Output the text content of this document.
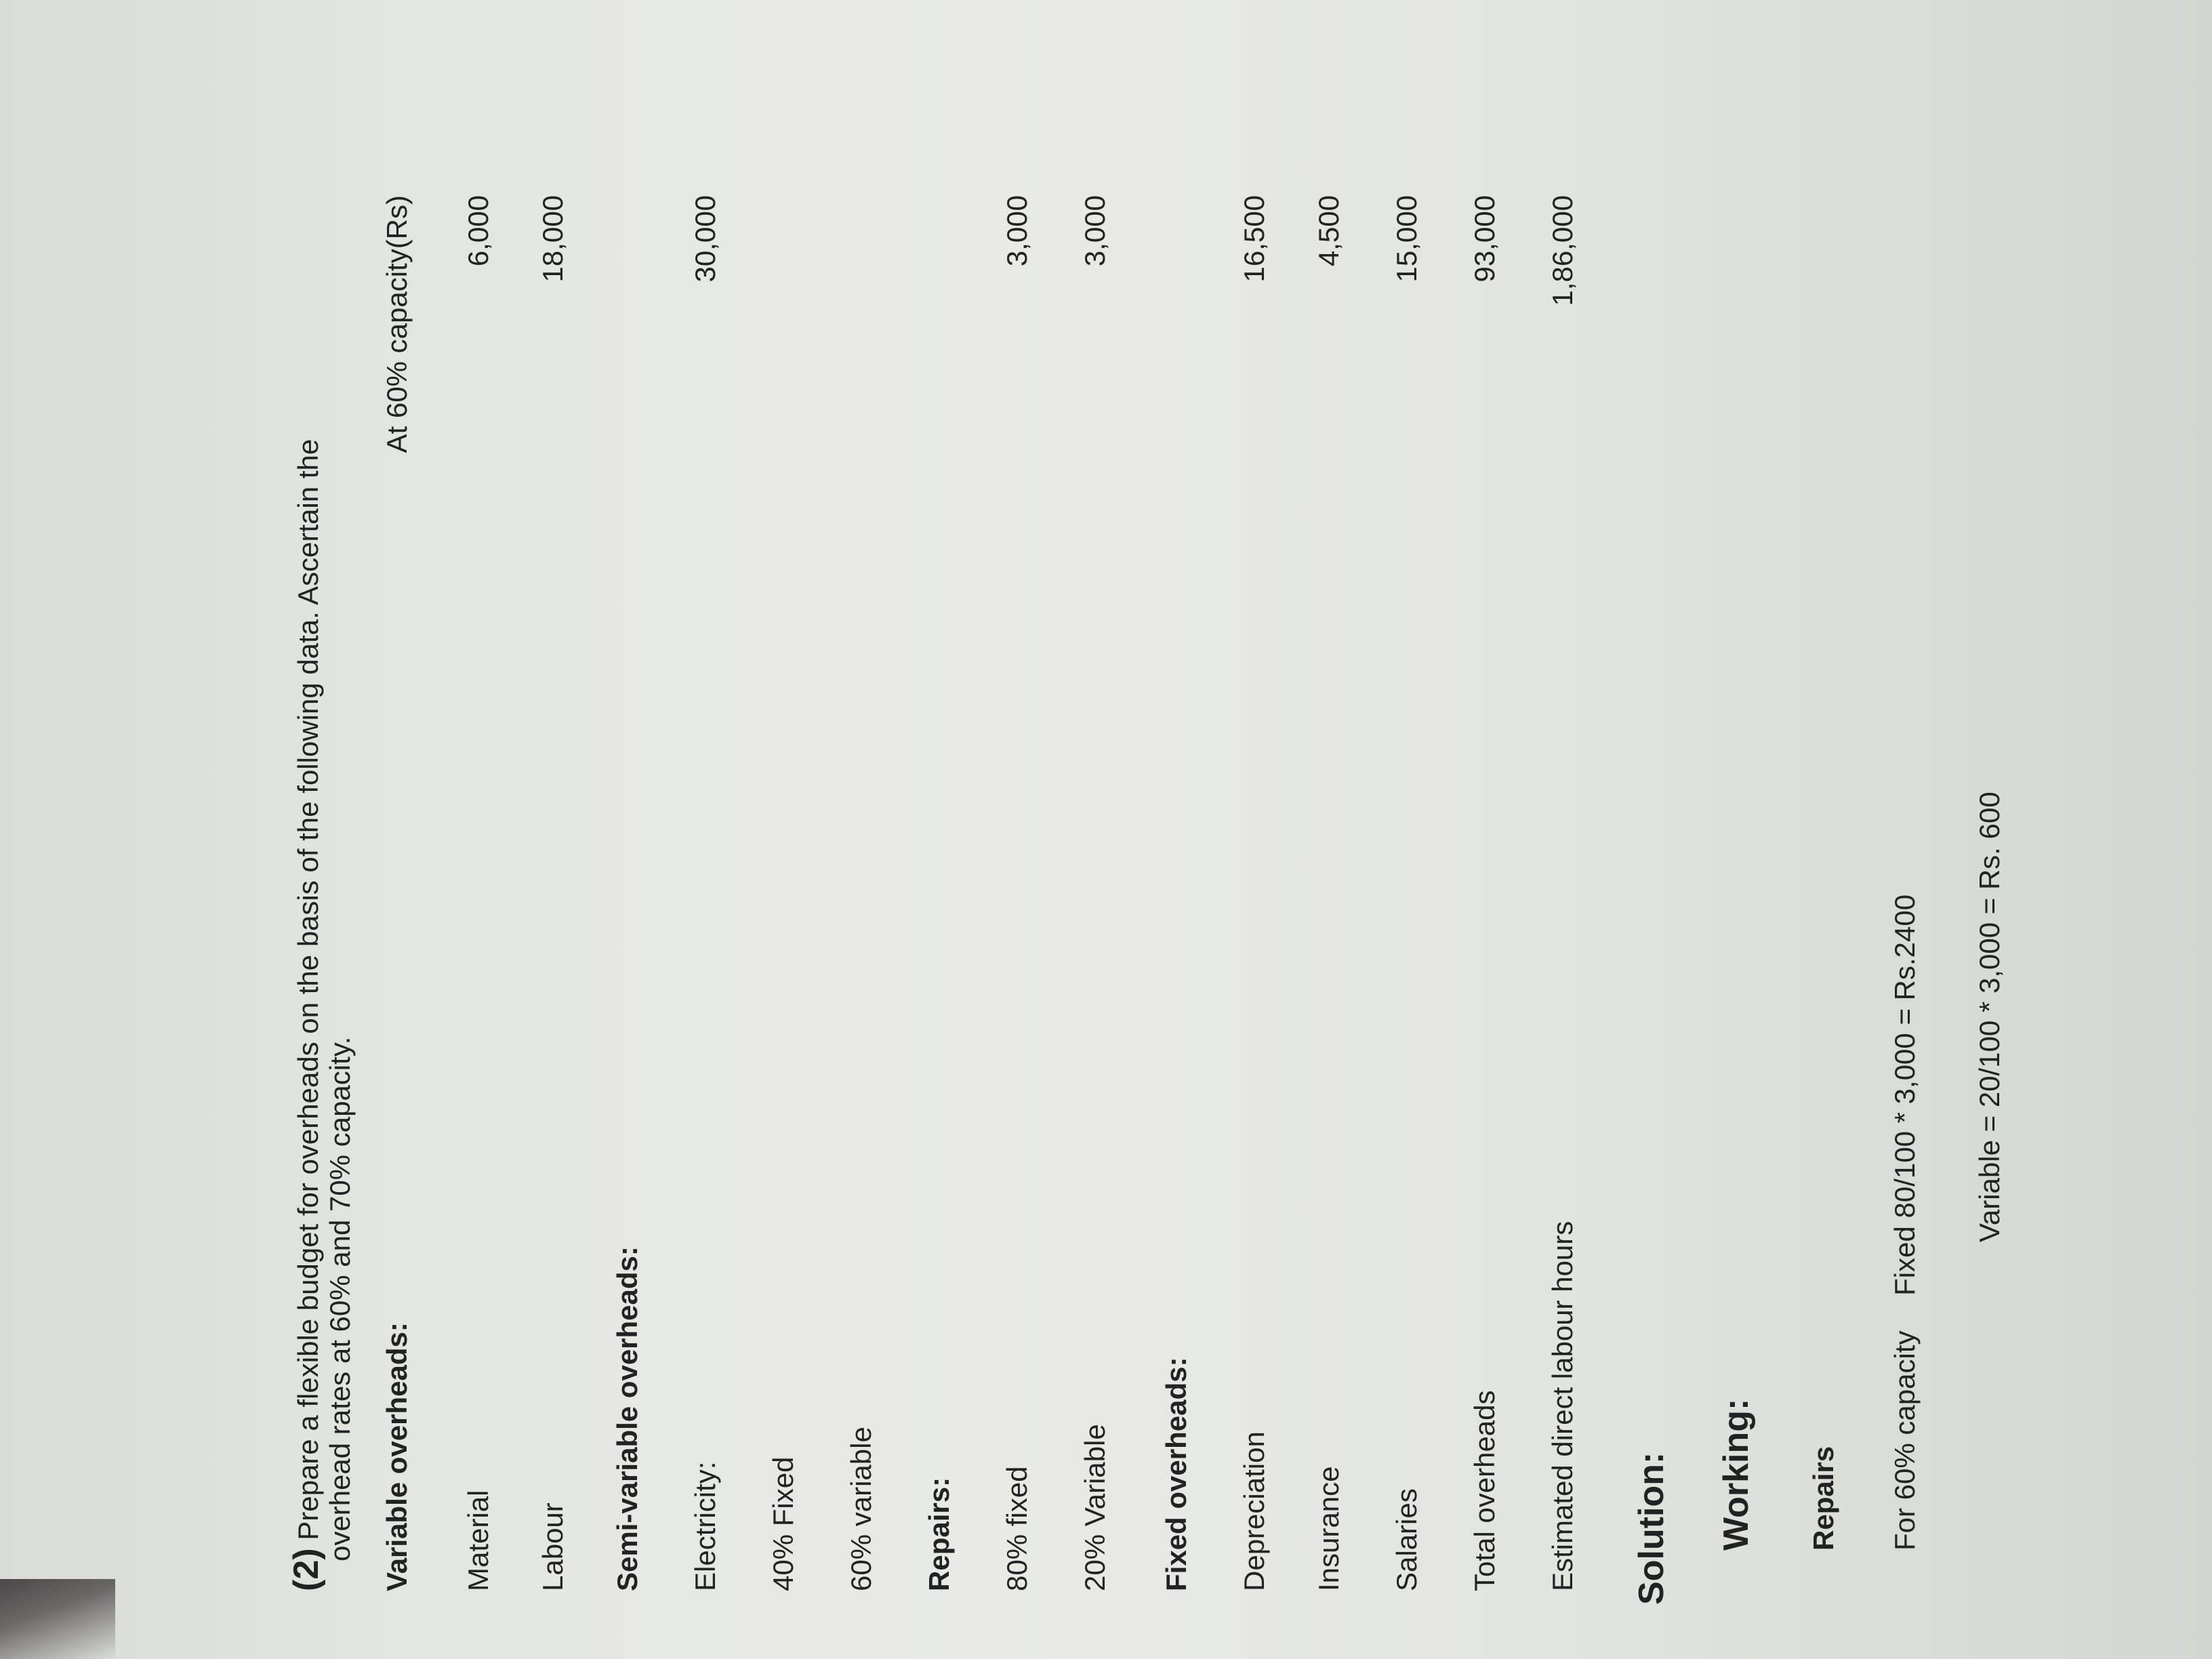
(2) Prepare a flexible budget for overheads on the basis of the following data. Ascertain the overhead rates at 60% and 70% capacity. Variable overheads:
At 60% capacity(Rs)
Material
6,000
Labour
18,000
Semi-variable overheads: Electricity:
30,000
40% Fixed 60% variable Repairs: 80% fixed
3,000
20% Variable
3,000
Fixed overheads: Depreciation
16,500
Insurance
4,500
Salaries
15,000
Total overheads
93,000
Estimated direct labour hours
1,86,000
Solution: Working: Repairs For 60% capacity Fixed 80/100 * 3,000 = Rs.2400 Variable = 20/100 * 3,000 = Rs. 600
